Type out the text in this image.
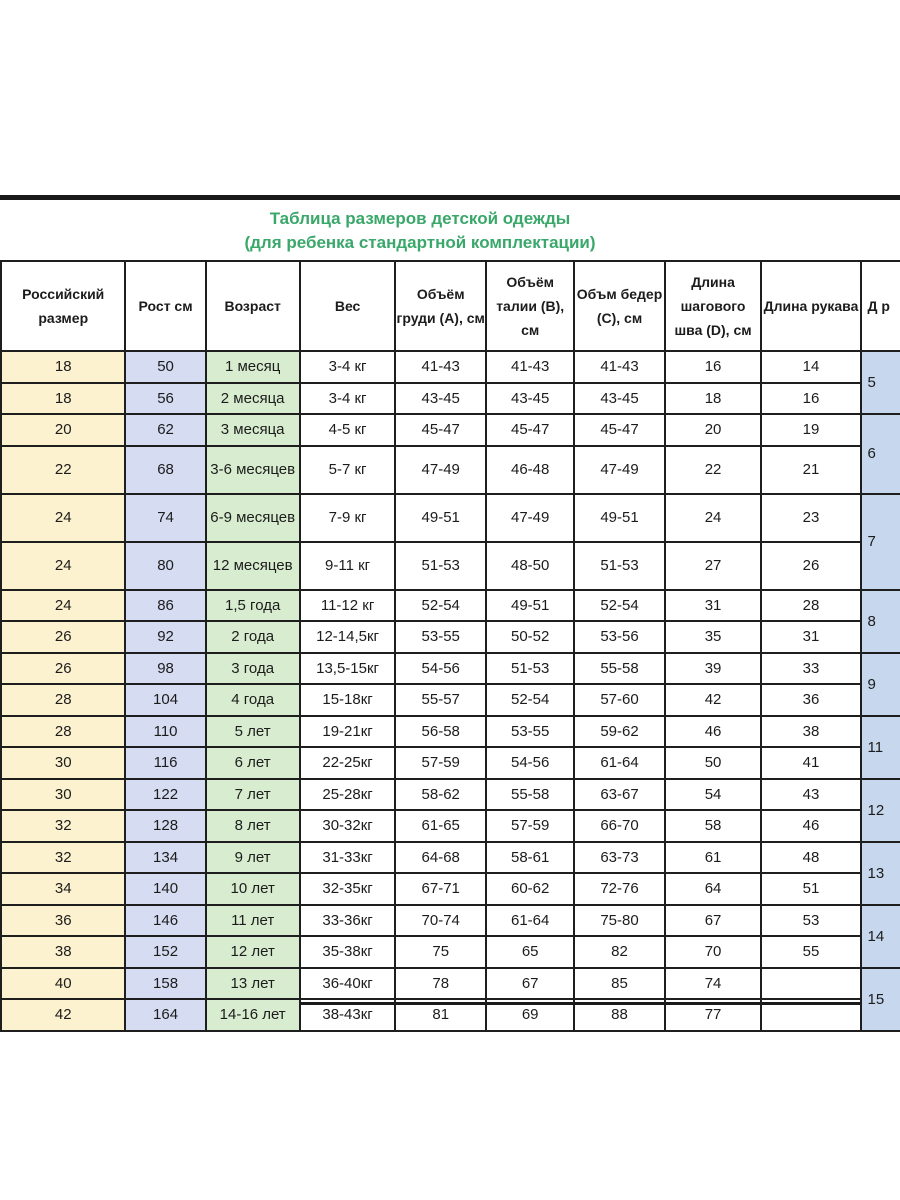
Таблица размеров детской одежды
(для ребенка стандартной комплектации)
Российский размер	Рост см	Возраст	Вес	Объём груди (A), см	Объём талии (B), см	Объм бедер (C), см	Длина шагового шва (D), см	Длина рукава	Д р
18	50	1 месяц	3-4 кг	41-43	41-43	41-43	16	14	5
18	56	2 месяца	3-4 кг	43-45	43-45	43-45	18	16	
20	62	3 месяца	4-5 кг	45-47	45-47	45-47	20	19	6
22	68	3-6 месяцев	5-7 кг	47-49	46-48	47-49	22	21	
24	74	6-9 месяцев	7-9 кг	49-51	47-49	49-51	24	23	7
24	80	12 месяцев	9-11 кг	51-53	48-50	51-53	27	26	
24	86	1,5 года	11-12 кг	52-54	49-51	52-54	31	28	8
26	92	2 года	12-14,5кг	53-55	50-52	53-56	35	31	
26	98	3 года	13,5-15кг	54-56	51-53	55-58	39	33	9
28	104	4 года	15-18кг	55-57	52-54	57-60	42	36	
28	110	5 лет	19-21кг	56-58	53-55	59-62	46	38	11
30	116	6 лет	22-25кг	57-59	54-56	61-64	50	41	
30	122	7 лет	25-28кг	58-62	55-58	63-67	54	43	12
32	128	8 лет	30-32кг	61-65	57-59	66-70	58	46	
32	134	9 лет	31-33кг	64-68	58-61	63-73	61	48	13
34	140	10 лет	32-35кг	67-71	60-62	72-76	64	51	
36	146	11 лет	33-36кг	70-74	61-64	75-80	67	53	14
38	152	12 лет	35-38кг	75	65	82	70	55	
40	158	13 лет	36-40кг	78	67	85	74		15
42	164	14-16 лет	38-43кг	81	69	88	77		
